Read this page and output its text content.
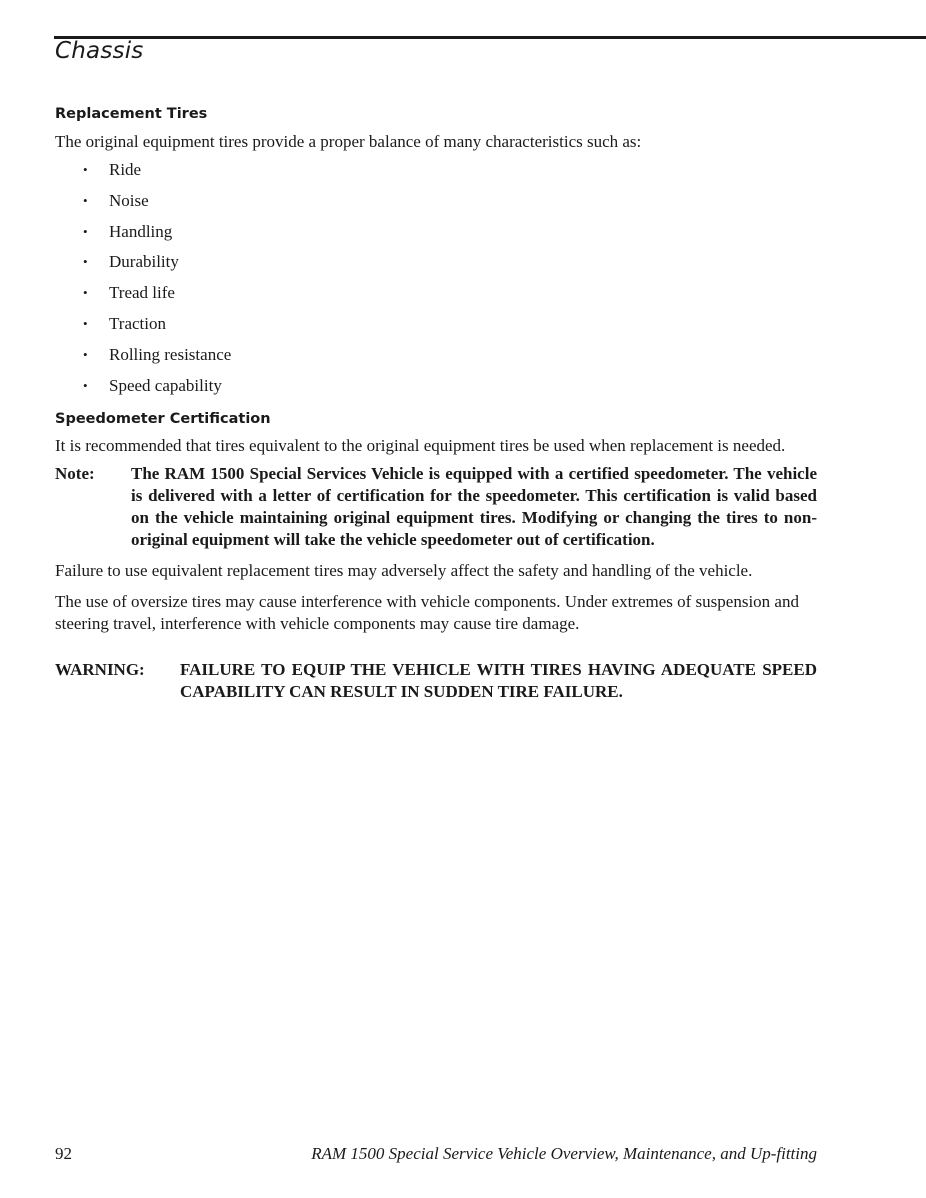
Chassis
Replacement Tires

The original equipment tires provide a proper balance of many characteristics such as:

• Ride
• Noise
• Handling
• Durability
• Tread life
• Traction
• Rolling resistance
• Speed capability
Speedometer Certification

It is recommended that tires equivalent to the original equipment tires be used when replacement is needed.

Note:	The RAM 1500 Special Services Vehicle is equipped with a certified speedometer. The vehicle is delivered with a letter of certification for the speedometer. This certification is valid based on the vehicle maintaining original equipment tires. Modifying or changing the tires to non-original equipment will take the vehicle speedometer out of certification.

Failure to use equivalent replacement tires may adversely affect the safety and handling of the vehicle.

The use of oversize tires may cause interference with vehicle components. Under extremes of suspension and steering travel, interference with vehicle components may cause tire damage.

WARNING:	FAILURE TO EQUIP THE VEHICLE WITH TIRES HAVING ADEQUATE SPEED CAPABILITY CAN RESULT IN SUDDEN TIRE FAILURE.
92	RAM 1500 Special Service Vehicle Overview, Maintenance, and Up-fitting
